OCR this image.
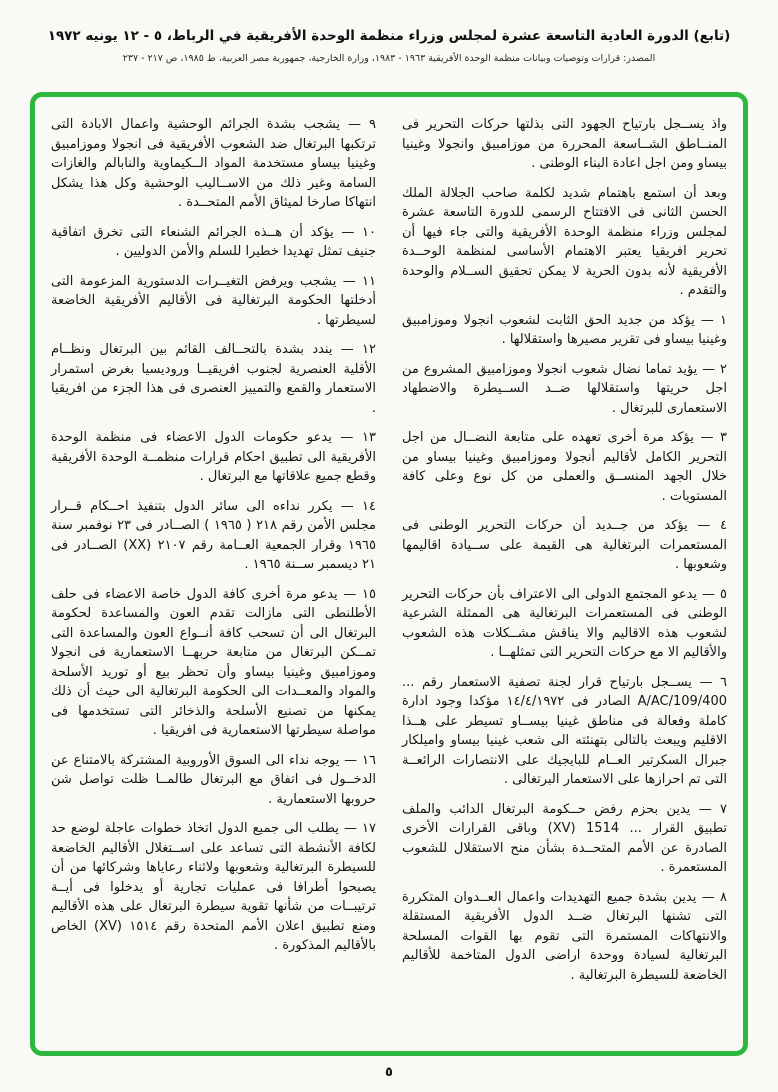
(تابع) الدورة العادية التاسعة عشرة لمجلس وزراء منظمة الوحدة الأفريقية في الرباط، ٥ - ١٢ يونيه ١٩٧٢
المصدر: قرارات وتوصيات وبيانات منظمة الوحدة الأفريقية ١٩٦٣ - ١٩٨٣، وزارة الخارجية، جمهورية مصر العربية، ط ١٩٨٥، ص ٢١٧ - ٢٣٧

واذ يســجل بارتياح الجهود التى بذلتها حركات التحرير فى المنــاطق الشــاسعة المحررة من موزامبيق وانجولا وغينيا بيساو ومن اجل اعادة البناء الوطنى .

وبعد أن استمع باهتمام شديد لكلمة صاحب الجلالة الملك الحسن الثانى فى الافتتاح الرسمى للدورة التاسعة عشرة لمجلس وزراء منظمة الوحدة الأفريقية والتى جاء فيها أن تحرير افريقيا يعتبر الاهتمام الأساسى لمنظمة الوحــدة الأفريقية لأنه بدون الحرية لا يمكن تحقيق الســلام والوحدة والتقدم .

١ — يؤكد من جديد الحق الثابت لشعوب انجولا وموزامبيق وغينيا بيساو فى تقرير مصيرها واستقلالها .

٢ — يؤيد تماما نضال شعوب انجولا وموزامبيق المشروع من اجل حريتها واستقلالها ضــد الســيطرة والاضطهاد الاستعمارى للبرتغال .

٣ — يؤكد مرة أخرى تعهده على متابعة النضــال من اجل التحرير الكامل لأقاليم أنجولا وموزامبيق وغينيا بيساو من خلال الجهد المنســق والعملى من كل نوع وعلى كافة المستويات .

٤ — يؤكد من جــديد أن حركات التحرير الوطنى فى المستعمرات البرتغالية هى القيمة على ســيادة اقاليمها وشعوبها .

٥ — يدعو المجتمع الدولى الى الاعتراف بأن حركات التحرير الوطنى فى المستعمرات البرتغالية هى الممثلة الشرعية لشعوب هذه الاقاليم والا يناقش مشــكلات هذه الشعوب والأقاليم الا مع حركات التحرير التى تمثلهــا .

٦ — يســجل بارتياح قرار لجنة تصفية الاستعمار رقم ... A/AC/109/400 الصادر فى ١٤/٤/١٩٧٢ مؤكدا وجود ادارة كاملة وفعالة فى مناطق غينيا بيســاو تسيطر على هــذا الاقليم ويبعث بالتالى بتهنئته الى شعب غينيا بيساو واميلكار جبرال السكرتير العــام للبايجيك على الانتصارات الرائعــة التى تم احرازها على الاستعمار البرتغالى .

٧ — يدين بحزم رفض حــكومة البرتغال الدائب والملف تطبيق القرار ... 1514 (XV) وباقى القرارات الأخرى الصادرة عن الأمم المتحــدة بشأن منح الاستقلال للشعوب المستعمرة .

٨ — يدين بشدة جميع التهديدات واعمال العــدوان المتكررة التى تشنها البرتغال ضــد الدول الأفريقية المستقلة والانتهاكات المستمرة التى تقوم بها القوات المسلحة البرتغالية لسيادة ووحدة اراضى الدول المتاخمة للأقاليم الخاضعة للسيطرة البرتغالية .

٩ — يشجب بشدة الجرائم الوحشية واعمال الابادة التى ترتكبها البرتغال ضد الشعوب الأفريقية فى انجولا وموزامبيق وغينيا بيساو مستخدمة المواد الــكيماوية والنابالم والغازات السامة وغير ذلك من الاســاليب الوحشية وكل هذا يشكل انتهاكا صارخا لميثاق الأمم المتحــدة .

١٠ — يؤكد أن هــذه الجرائم الشنعاء التى تخرق اتفاقية جنيف تمثل تهديدا خطيرا للسلم والأمن الدوليين .

١١ — يشجب ويرفض التغيــرات الدستورية المزعومة التى أدخلتها الحكومة البرتغالية فى الأقاليم الأفريقية الخاضعة لسيطرتها .

١٢ — يندد بشدة بالتحــالف القائم بين البرتغال ونظــام الأقلية العنصرية لجنوب افريقيــا وروديسيا بغرض استمرار الاستعمار والقمع والتمييز العنصرى فى هذا الجزء من افريقيا .

١٣ — يدعو حكومات الدول الاعضاء فى منظمة الوحدة الأفريقية الى تطبيق احكام قرارات منظمــة الوحدة الأفريقية وقطع جميع علاقاتها مع البرتغال .

١٤ — يكرر نداءه الى سائر الدول بتنفيذ احــكام قــرار مجلس الأمن رقم ٢١٨ ( ١٩٦٥ ) الصــادر فى ٢٣ نوفمبر سنة ١٩٦٥ وقرار الجمعية العــامة رقم ٢١٠٧ (XX) الصــادر فى ٢١ ديسمبر ســنة ١٩٦٥ .

١٥ — يدعو مرة أخرى كافة الدول خاصة الاعضاء فى حلف الأطلنطى التى مازالت تقدم العون والمساعدة لحكومة البرتغال الى أن تسحب كافة أنــواع العون والمساعدة التى تمــكن البرتغال من متابعة حربهــا الاستعمارية فى انجولا وموزامبيق وغينيا بيساو وأن تحظر بيع أو توريد الأسلحة والمواد والمعــدات الى الحكومة البرتغالية الى حيث أن ذلك يمكنها من تصنيع الأسلحة والذخائر التى تستخدمها فى مواصلة سيطرتها الاستعمارية فى افريقيا .

١٦ — يوجه نداء الى السوق الأوروبية المشتركة بالامتناع عن الدخــول فى اتفاق مع البرتغال طالمــا ظلت تواصل شن حروبها الاستعمارية .

١٧ — يطلب الى جميع الدول اتخاذ خطوات عاجلة لوضع حد لكافة الأنشطة التى تساعد على اســتغلال الأقاليم الخاضعة للسيطرة البرتغالية وشعوبها ولاثناء رعاياها وشركائها من أن يصبحوا أطرافا فى عمليات تجارية أو يدخلوا فى أيــة ترتيبــات من شأنها تقوية سيطرة البرتغال على هذه الأقاليم ومنع تطبيق اعلان الأمم المتحدة رقم ١٥١٤ (XV) الخاص بالأقاليم المذكورة .

٥
